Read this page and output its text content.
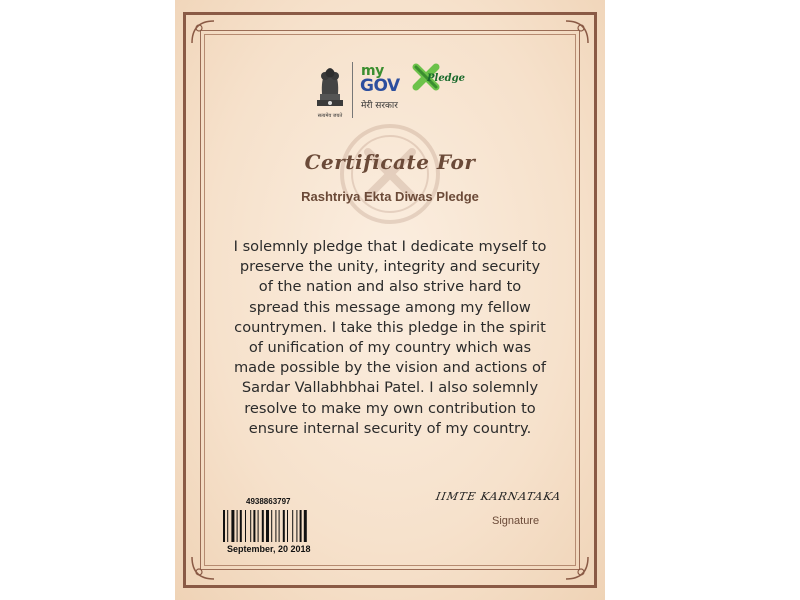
सत्यमेव जयते
my
GOV
मेरी सरकार
Pledge
Certificate For
Rashtriya Ekta Diwas Pledge
I solemnly pledge that I dedicate myself to preserve the unity, integrity and security of the nation and also strive hard to spread this message among my fellow countrymen. I take this pledge in the spirit of unification of my country which was made possible by the vision and actions of Sardar Vallabhbhai Patel. I also solemnly resolve to make my own contribution to ensure internal security of my country.
4938863797
September, 20 2018
IIMTE KARNATAKA
Signature
